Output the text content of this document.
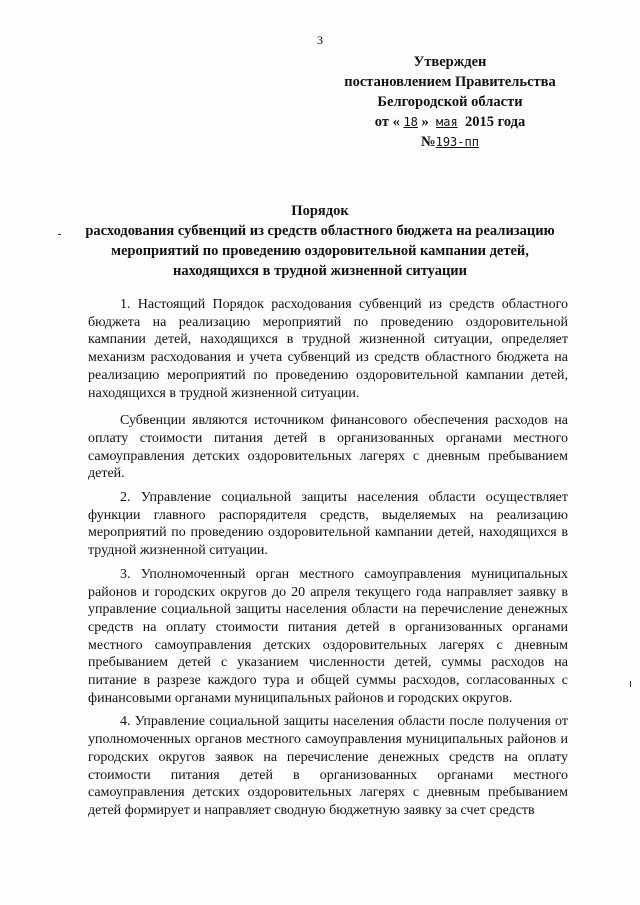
3
Утвержден
постановлением Правительства
Белгородской области
от « 18 » мая 2015 года
№193-пп
Порядок
расходования субвенций из средств областного бюджета на реализацию
мероприятий по проведению оздоровительной кампании детей,
находящихся в трудной жизненной ситуации

1. Настоящий Порядок расходования субвенций из средств областного бюджета на реализацию мероприятий по проведению оздоровительной кампании детей, находящихся в трудной жизненной ситуации, определяет механизм расходования и учета субвенций из средств областного бюджета на реализацию мероприятий по проведению оздоровительной кампании детей, находящихся в трудной жизненной ситуации.

Субвенции являются источником финансового обеспечения расходов на оплату стоимости питания детей в организованных органами местного самоуправления детских оздоровительных лагерях с дневным пребыванием детей.

2. Управление социальной защиты населения области осуществляет функции главного распорядителя средств, выделяемых на реализацию мероприятий по проведению оздоровительной кампании детей, находящихся в трудной жизненной ситуации.

3. Уполномоченный орган местного самоуправления муниципальных районов и городских округов до 20 апреля текущего года направляет заявку в управление социальной защиты населения области на перечисление денежных средств на оплату стоимости питания детей в организованных органами местного самоуправления детских оздоровительных лагерях с дневным пребыванием детей с указанием численности детей, суммы расходов на питание в разрезе каждого тура и общей суммы расходов, согласованных с финансовыми органами муниципальных районов и городских округов.

4. Управление социальной защиты населения области после получения от уполномоченных органов местного самоуправления муниципальных районов и городских округов заявок на перечисление денежных средств на оплату стоимости питания детей в организованных органами местного самоуправления детских оздоровительных лагерях с дневным пребыванием детей формирует и направляет сводную бюджетную заявку за счет средств
